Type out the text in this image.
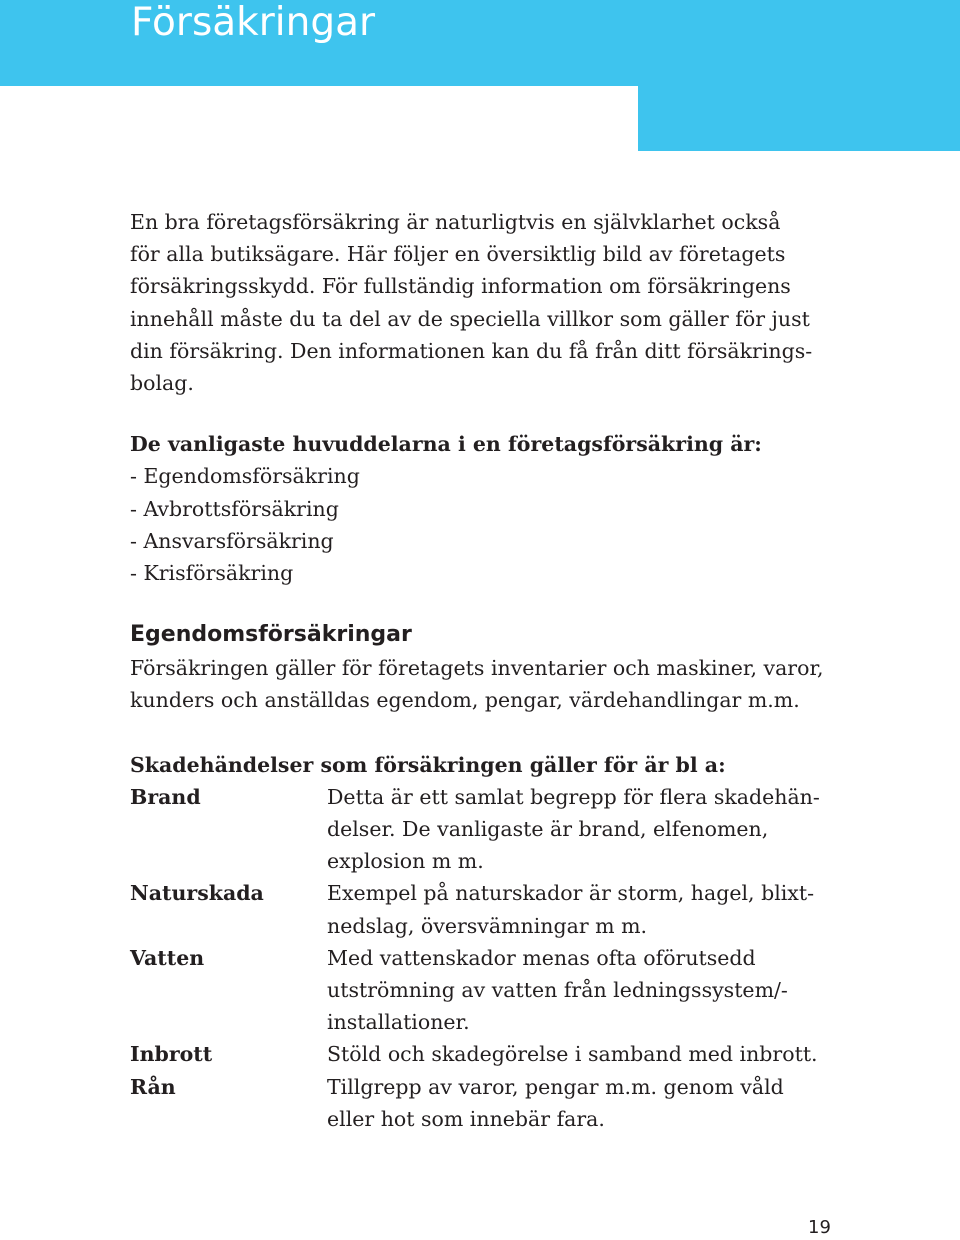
Försäkringar

En bra företagsförsäkring är naturligtvis en självklarhet också

för alla butiksägare. Här följer en översiktlig bild av företagets

försäkringsskydd. För fullständig information om försäkringens

innehåll måste du ta del av de speciella villkor som gäller för just

din försäkring. Den informationen kan du få från ditt försäkrings-

bolag.

De vanligaste huvuddelarna i en företagsförsäkring är:

- Egendomsförsäkring
- Avbrottsförsäkring
- Ansvarsförsäkring
- Krisförsäkring
Egendomsförsäkringar

Försäkringen gäller för företagets inventarier och maskiner, varor,

kunders och anställdas egendom, pengar, värdehandlingar m.m.

Skadehändelser som försäkringen gäller för är bl a:

Brand	Detta är ett samlat begrepp för flera skadehän-
delser. De vanligaste är brand, elfenomen,
explosion m m.
Naturskada	Exempel på naturskador är storm, hagel, blixt-
nedslag, översvämningar m m.
Vatten	Med vattenskador menas ofta oförutsedd
utströmning av vatten från ledningssystem/-
installationer.
Inbrott	Stöld och skadegörelse i samband med inbrott.
Rån	Tillgrepp av varor, pengar m.m. genom våld
eller hot som innebär fara.
19
